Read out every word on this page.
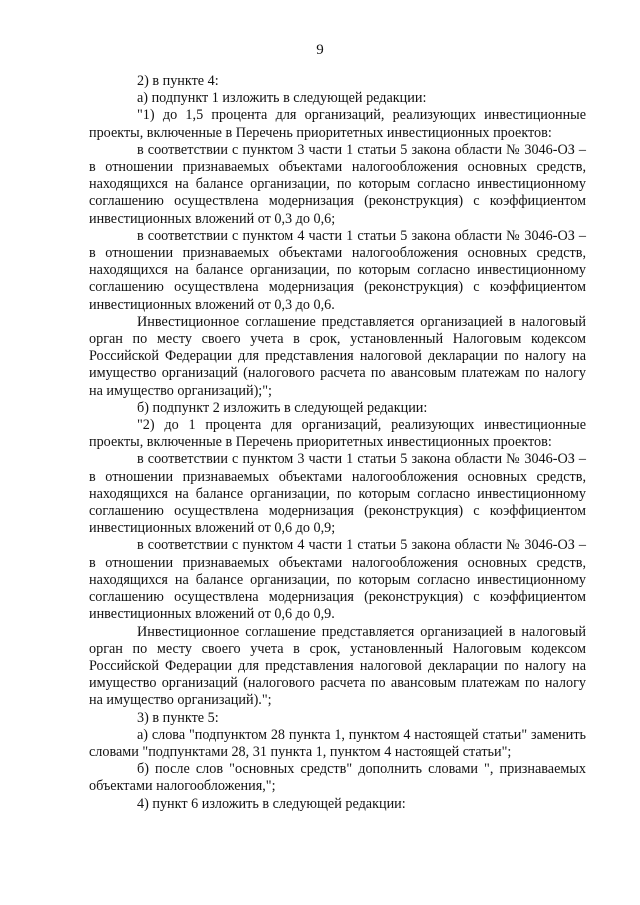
9

2) в пункте 4:

а) подпункт 1 изложить в следующей редакции:

"1) до 1,5 процента для организаций, реализующих инвестиционные проекты, включенные в Перечень приоритетных инвестиционных проектов:

в соответствии с пунктом 3 части 1 статьи 5 закона области № 3046-ОЗ – в отношении признаваемых объектами налогообложения основных средств, находящихся на балансе организации, по которым согласно инвестиционному соглашению осуществлена модернизация (реконструкция) с коэффициентом инвестиционных вложений от 0,3 до 0,6;

в соответствии с пунктом 4 части 1 статьи 5 закона области № 3046-ОЗ – в отношении признаваемых объектами налогообложения основных средств, находящихся на балансе организации, по которым согласно инвестиционному соглашению осуществлена модернизация (реконструкция) с коэффициентом инвестиционных вложений от 0,3 до 0,6.

Инвестиционное соглашение представляется организацией в налоговый орган по месту своего учета в срок, установленный Налоговым кодексом Российской Федерации для представления налоговой декларации по налогу на имущество организаций (налогового расчета по авансовым платежам по налогу на имущество организаций);";

б) подпункт 2 изложить в следующей редакции:

"2) до 1 процента для организаций, реализующих инвестиционные проекты, включенные в Перечень приоритетных инвестиционных проектов:

в соответствии с пунктом 3 части 1 статьи 5 закона области № 3046-ОЗ – в отношении признаваемых объектами налогообложения основных средств, находящихся на балансе организации, по которым согласно инвестиционному соглашению осуществлена модернизация (реконструкция) с коэффициентом инвестиционных вложений от 0,6 до 0,9;

в соответствии с пунктом 4 части 1 статьи 5 закона области № 3046-ОЗ – в отношении признаваемых объектами налогообложения основных средств, находящихся на балансе организации, по которым согласно инвестиционному соглашению осуществлена модернизация (реконструкция) с коэффициентом инвестиционных вложений от 0,6 до 0,9.

Инвестиционное соглашение представляется организацией в налоговый орган по месту своего учета в срок, установленный Налоговым кодексом Российской Федерации для представления налоговой декларации по налогу на имущество организаций (налогового расчета по авансовым платежам по налогу на имущество организаций).";

3) в пункте 5:

а) слова "подпунктом 28 пункта 1, пунктом 4 настоящей статьи" заменить словами "подпунктами 28, 31 пункта 1, пунктом 4 настоящей статьи";

б) после слов "основных средств" дополнить словами ", признаваемых объектами налогообложения,";

4) пункт 6 изложить в следующей редакции:
